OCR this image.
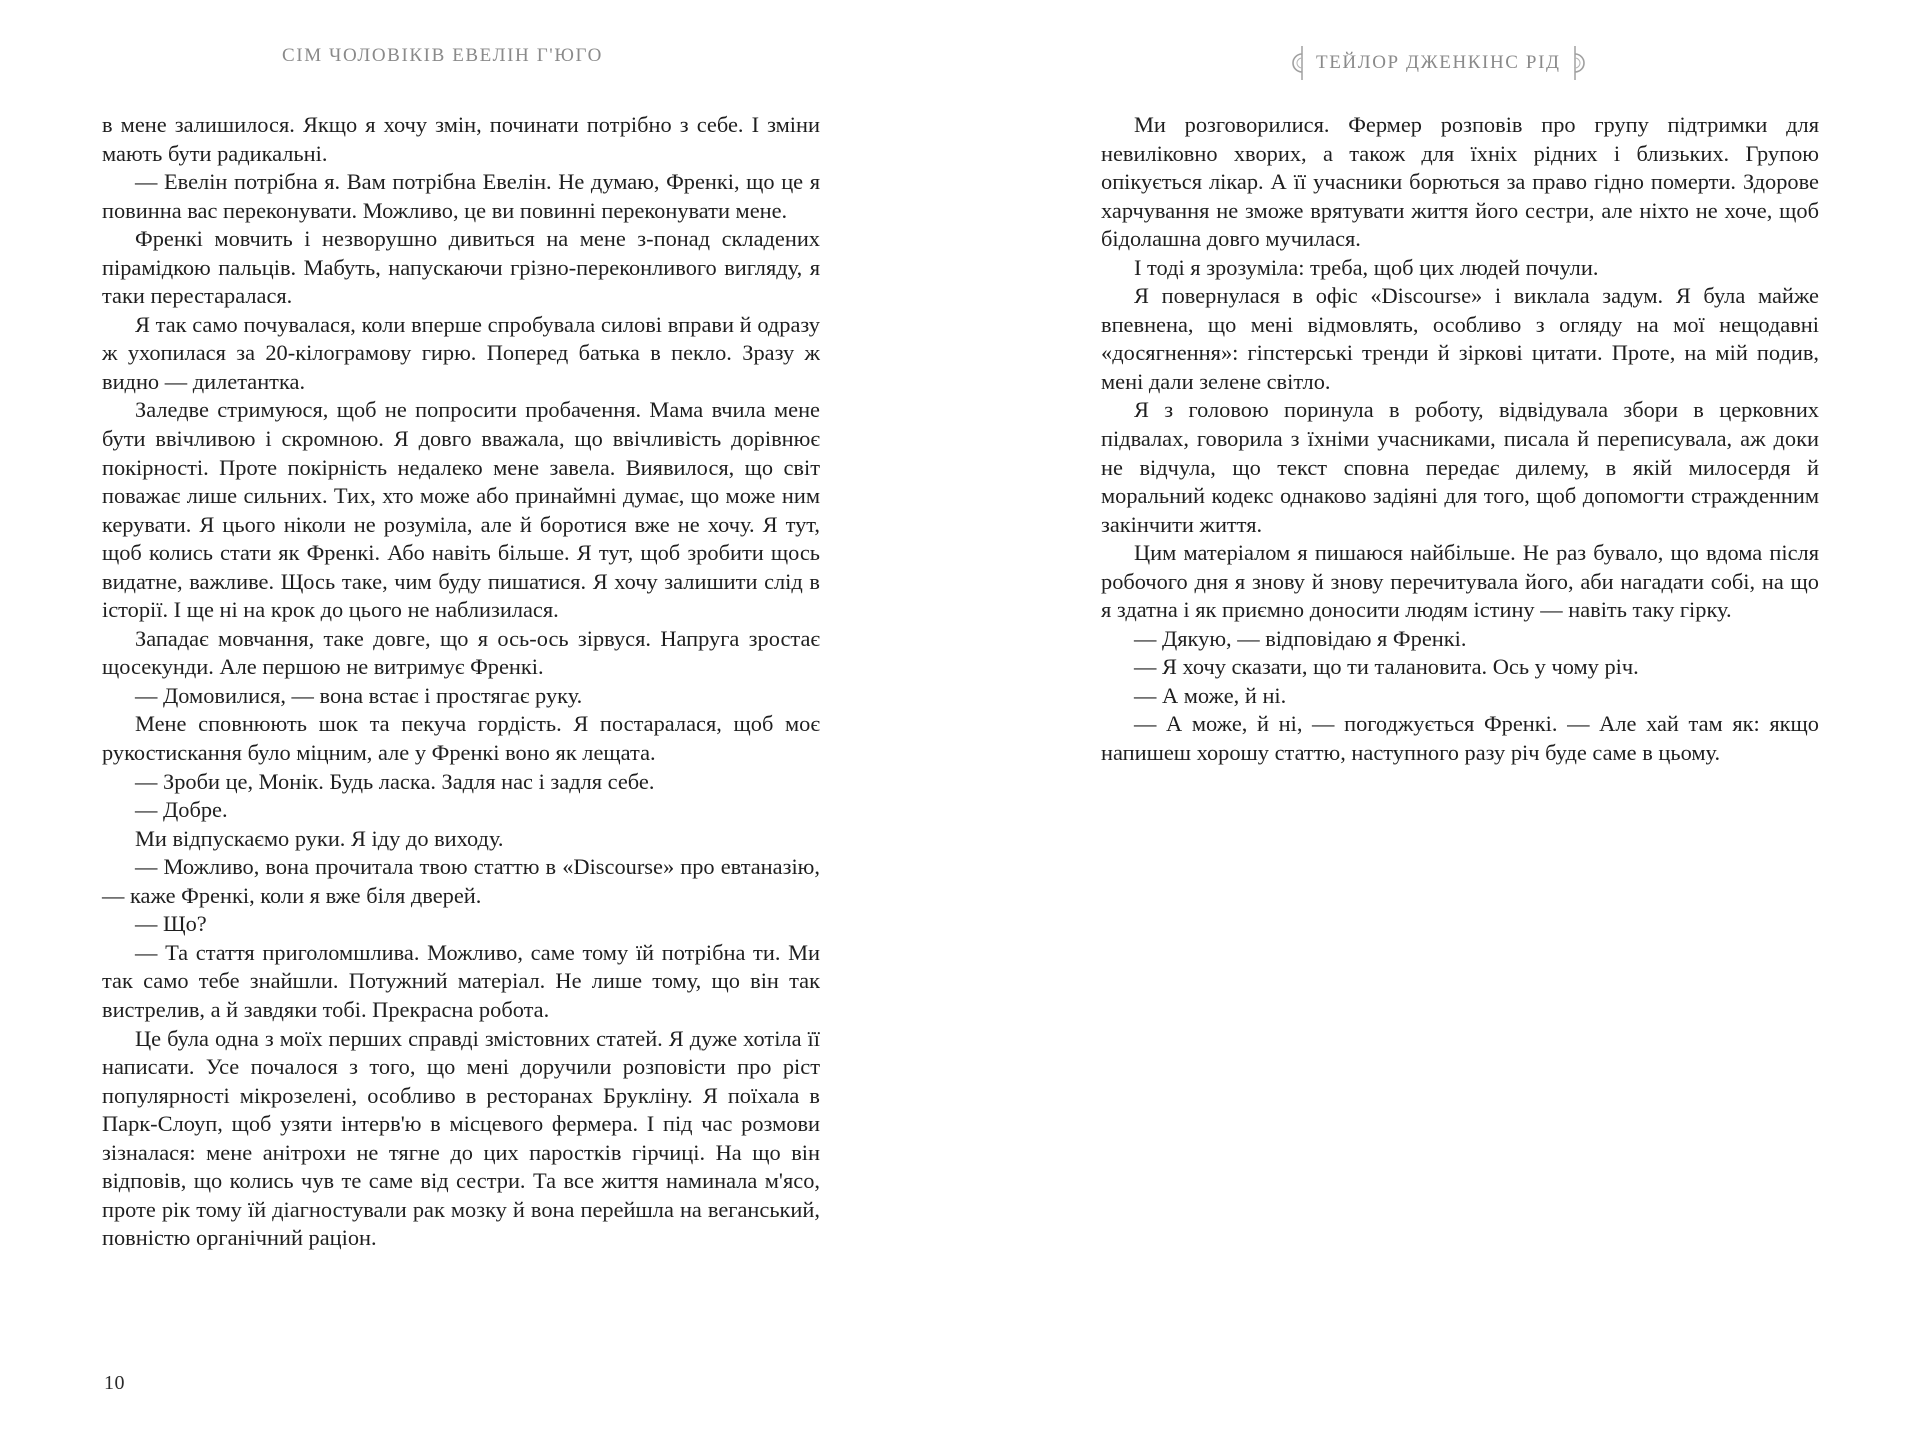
СІМ ЧОЛОВІКІВ ЕВЕЛІН Г'ЮГО

в мене залишилося. Якщо я хочу змін, починати потрібно з себе. І зміни мають бути радикальні.

— Евелін потрібна я. Вам потрібна Евелін. Не думаю, Френкі, що це я повинна вас переконувати. Можливо, це ви повинні переконувати мене.

Френкі мовчить і незворушно дивиться на мене з-понад складених пірамідкою пальців. Мабуть, напускаючи грізно-переконливого вигляду, я таки перестаралася.

Я так само почувалася, коли вперше спробувала силові вправи й одразу ж ухопилася за 20-кілограмову гирю. Поперед батька в пекло. Зразу ж видно — дилетантка.

Заледве стримуюся, щоб не попросити пробачення. Мама вчила мене бути ввічливою і скромною. Я довго вважала, що ввічливість дорівнює покірності. Проте покірність недалеко мене завела. Виявилося, що світ поважає лише сильних. Тих, хто може або принаймні думає, що може ним керувати. Я цього ніколи не розуміла, але й боротися вже не хочу. Я тут, щоб колись стати як Френкі. Або навіть більше. Я тут, щоб зробити щось видатне, важливе. Щось таке, чим буду пишатися. Я хочу залишити слід в історії. І ще ні на крок до цього не наблизилася.

Западає мовчання, таке довге, що я ось-ось зірвуся. Напруга зростає щосекунди. Але першою не витримує Френкі.

— Домовилися, — вона встає і простягає руку.

Мене сповнюють шок та пекуча гордість. Я постаралася, щоб моє рукостискання було міцним, але у Френкі воно як лещата.

— Зроби це, Монік. Будь ласка. Задля нас і задля себе.

— Добре.

Ми відпускаємо руки. Я іду до виходу.

— Можливо, вона прочитала твою статтю в «Discourse» про евтаназію, — каже Френкі, коли я вже біля дверей.

— Що?

— Та стаття приголомшлива. Можливо, саме тому їй потрібна ти. Ми так само тебе знайшли. Потужний матеріал. Не лише тому, що він так вистрелив, а й завдяки тобі. Прекрасна робота.

Це була одна з моїх перших справді змістовних статей. Я дуже хотіла її написати. Усе почалося з того, що мені доручили розповісти про ріст популярності мікрозелені, особливо в ресторанах Брукліну. Я поїхала в Парк-Слоуп, щоб узяти інтерв'ю в місцевого фермера. І під час розмови зізналася: мене анітрохи не тягне до цих паростків гірчиці. На що він відповів, що колись чув те саме від сестри. Та все життя наминала м'ясо, проте рік тому їй діагностували рак мозку й вона перейшла на веганський, повністю органічний раціон.

10
ТЕЙЛОР ДЖЕНКІНС РІД

Ми розговорилися. Фермер розповів про групу підтримки для невиліковно хворих, а також для їхніх рідних і близьких. Групою опікується лікар. А її учасники борються за право гідно померти. Здорове харчування не зможе врятувати життя його сестри, але ніхто не хоче, щоб бідолашна довго мучилася.

І тоді я зрозуміла: треба, щоб цих людей почули.

Я повернулася в офіс «Discourse» і виклала задум. Я була майже впевнена, що мені відмовлять, особливо з огляду на мої нещодавні «досягнення»: гіпстерські тренди й зіркові цитати. Проте, на мій подив, мені дали зелене світло.

Я з головою поринула в роботу, відвідувала збори в церковних підвалах, говорила з їхніми учасниками, писала й переписувала, аж доки не відчула, що текст сповна передає дилему, в якій милосердя й моральний кодекс однаково задіяні для того, щоб допомогти стражденним закінчити життя.

Цим матеріалом я пишаюся найбільше. Не раз бувало, що вдома після робочого дня я знову й знову перечитувала його, аби нагадати собі, на що я здатна і як приємно доносити людям істину — навіть таку гірку.

— Дякую, — відповідаю я Френкі.

— Я хочу сказати, що ти талановита. Ось у чому річ.

— А може, й ні.

— А може, й ні, — погоджується Френкі. — Але хай там як: якщо напишеш хорошу статтю, наступного разу річ буде саме в цьому.
